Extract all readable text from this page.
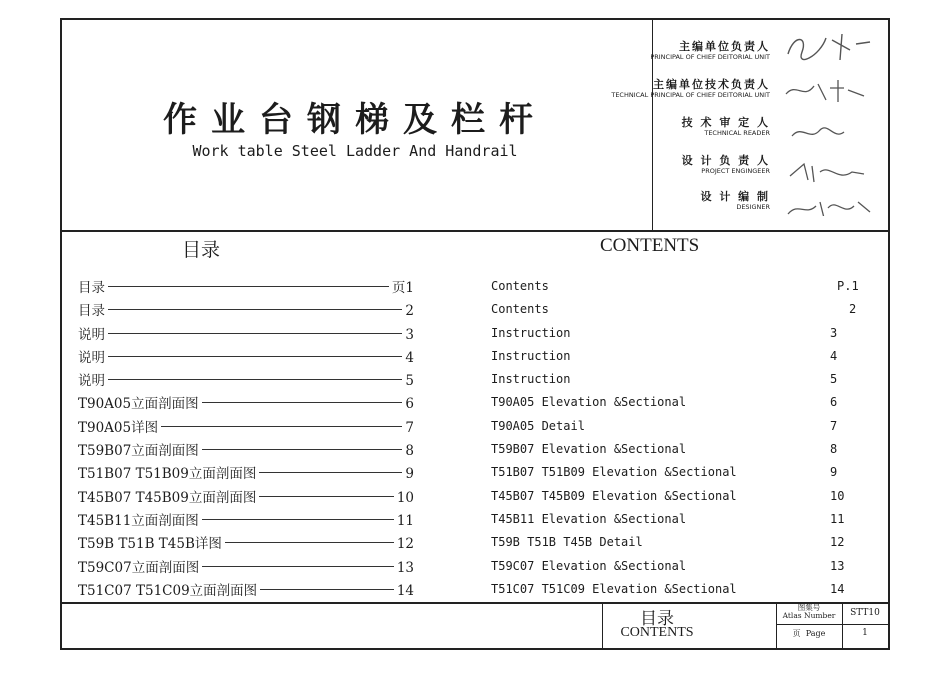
作业台钢梯及栏杆
Work table Steel Ladder And Handrail
主编单位负责人
PRINCIPAL OF CHIEF DEITORIAL UNIT
主编单位技术负责人
TECHNICAL PRINCIPAL OF CHIEF DEITORIAL UNIT
技 术 审 定 人
TECHNICAL READER
设 计 负 责 人
PROJECT ENGINGEER
设 计 编 制
DESIGNER
目录	CONTENTS
目录	页1
目录	2
说明	3
说明	4
说明	5
T90A05立面剖面图	6
T90A05详图	7
T59B07立面剖面图	8
T51B07 T51B09立面剖面图	9
T45B07 T45B09立面剖面图	10
T45B11立面剖面图	11
T59B T51B T45B详图	12
T59C07立面剖面图	13
T51C07 T51C09立面剖面图	14
Contents	P.1
Contents	2
Instruction	3
Instruction	4
Instruction	5
T90A05 Elevation &Sectional	6
T90A05 Detail	7
T59B07 Elevation &Sectional	8
T51B07 T51B09 Elevation &Sectional	9
T45B07 T45B09 Elevation &Sectional	10
T45B11 Elevation &Sectional	11
T59B T51B T45B Detail	12
T59C07 Elevation &Sectional	13
T51C07 T51C09 Elevation &Sectional	14
目录
CONTENTS
图集号
Atlas Number	STT10
页 Page	1
